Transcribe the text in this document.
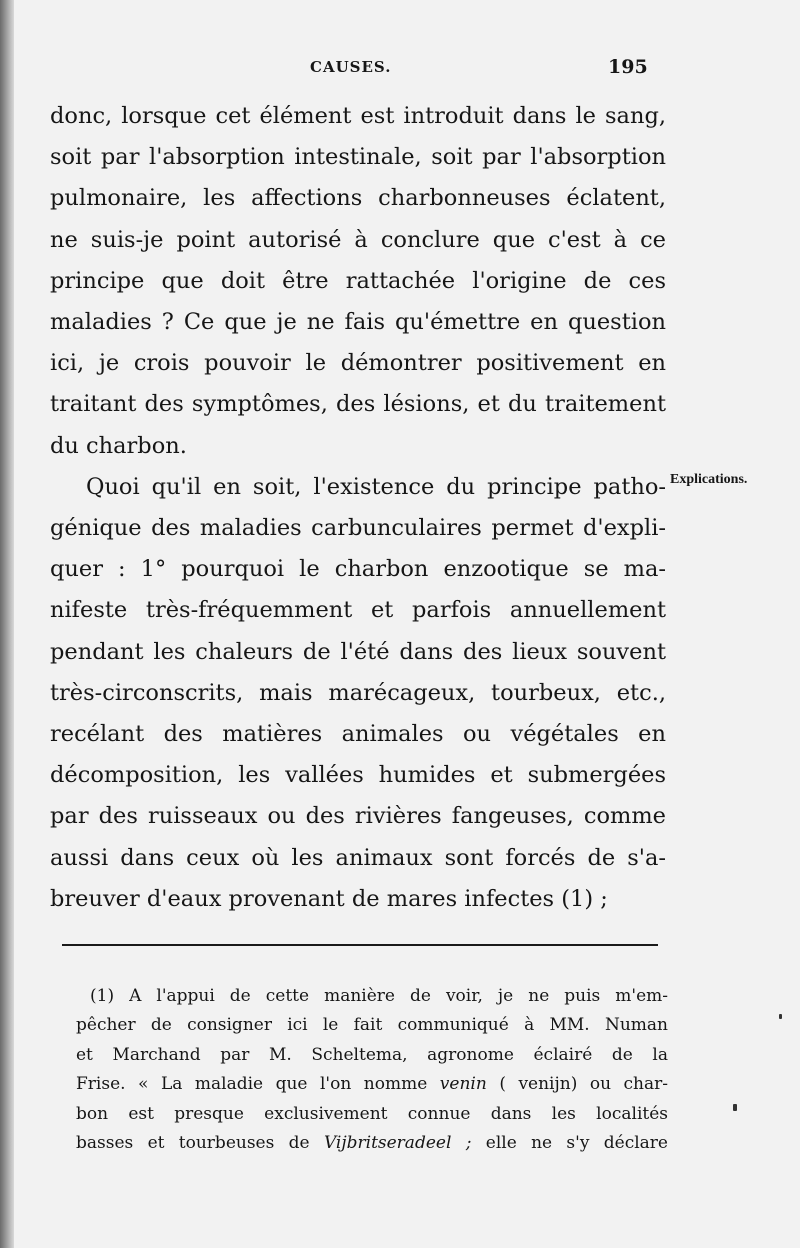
CAUSES.	195
donc, lorsque cet élément est introduit dans le sang,
soit par l'absorption intestinale, soit par l'absorption
pulmonaire, les affections charbonneuses éclatent,
ne suis-je point autorisé à conclure que c'est à ce
principe que doit être rattachée l'origine de ces
maladies ? Ce que je ne fais qu'émettre en question
ici, je crois pouvoir le démontrer positivement en
traitant des symptômes, des lésions, et du traitement
du charbon.
Quoi qu'il en soit, l'existence du principe patho-
génique des maladies carbunculaires permet d'expli-
quer : 1° pourquoi le charbon enzootique se ma-
nifeste très-fréquemment et parfois annuellement
pendant les chaleurs de l'été dans des lieux souvent
très-circonscrits, mais marécageux, tourbeux, etc.,
recélant des matières animales ou végétales en
décomposition, les vallées humides et submergées
par des ruisseaux ou des rivières fangeuses, comme
aussi dans ceux où les animaux sont forcés de s'a-
breuver d'eaux provenant de mares infectes (1) ;
Explications.
(1) A l'appui de cette manière de voir, je ne puis m'em-
pêcher de consigner ici le fait communiqué à MM. Numan
et Marchand par M. Scheltema, agronome éclairé de la
Frise. « La maladie que l'on nomme venin ( venijn) ou char-
bon est presque exclusivement connue dans les localités
basses et tourbeuses de Vijbritseradeel ; elle ne s'y déclare
